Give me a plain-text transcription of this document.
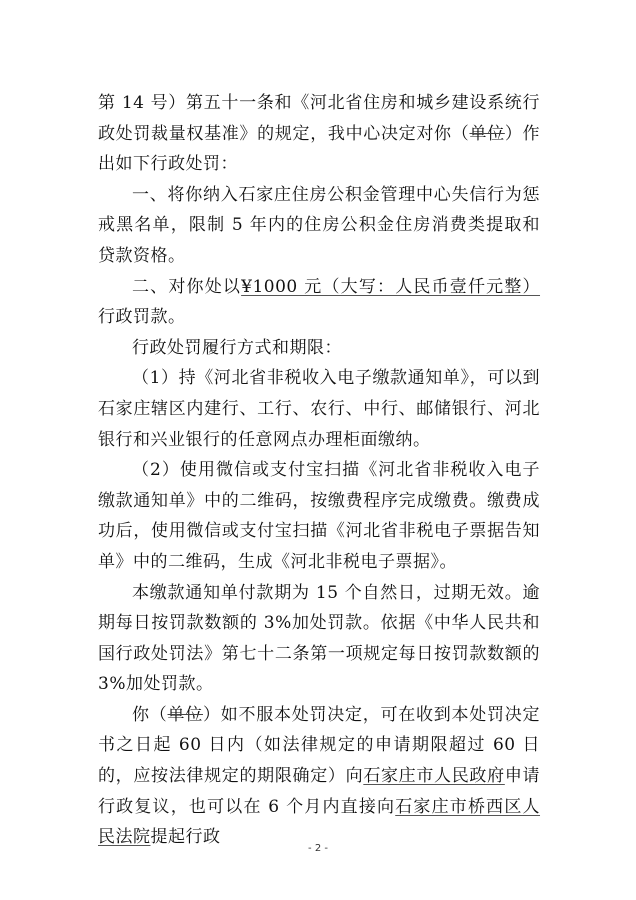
第 14 号）第五十一条和《河北省住房和城乡建设系统行政处罚裁量权基准》的规定，我中心决定对你（单位）作出如下行政处罚：

一、将你纳入石家庄住房公积金管理中心失信行为惩戒黑名单，限制 5 年内的住房公积金住房消费类提取和贷款资格。

二、对你处以¥1000 元（大写：人民币壹仟元整）行政罚款。

行政处罚履行方式和期限：

（1）持《河北省非税收入电子缴款通知单》，可以到石家庄辖区内建行、工行、农行、中行、邮储银行、河北银行和兴业银行的任意网点办理柜面缴纳。

（2）使用微信或支付宝扫描《河北省非税收入电子缴款通知单》中的二维码，按缴费程序完成缴费。缴费成功后，使用微信或支付宝扫描《河北省非税电子票据告知单》中的二维码，生成《河北非税电子票据》。

本缴款通知单付款期为 15 个自然日，过期无效。逾期每日按罚款数额的 3%加处罚款。依据《中华人民共和国行政处罚法》第七十二条第一项规定每日按罚款数额的 3%加处罚款。

你（单位）如不服本处罚决定，可在收到本处罚决定书之日起 60 日内（如法律规定的申请期限超过 60 日的，应按法律规定的期限确定）向石家庄市人民政府申请行政复议，也可以在 6 个月内直接向石家庄市桥西区人民法院提起行政

- 2 -
